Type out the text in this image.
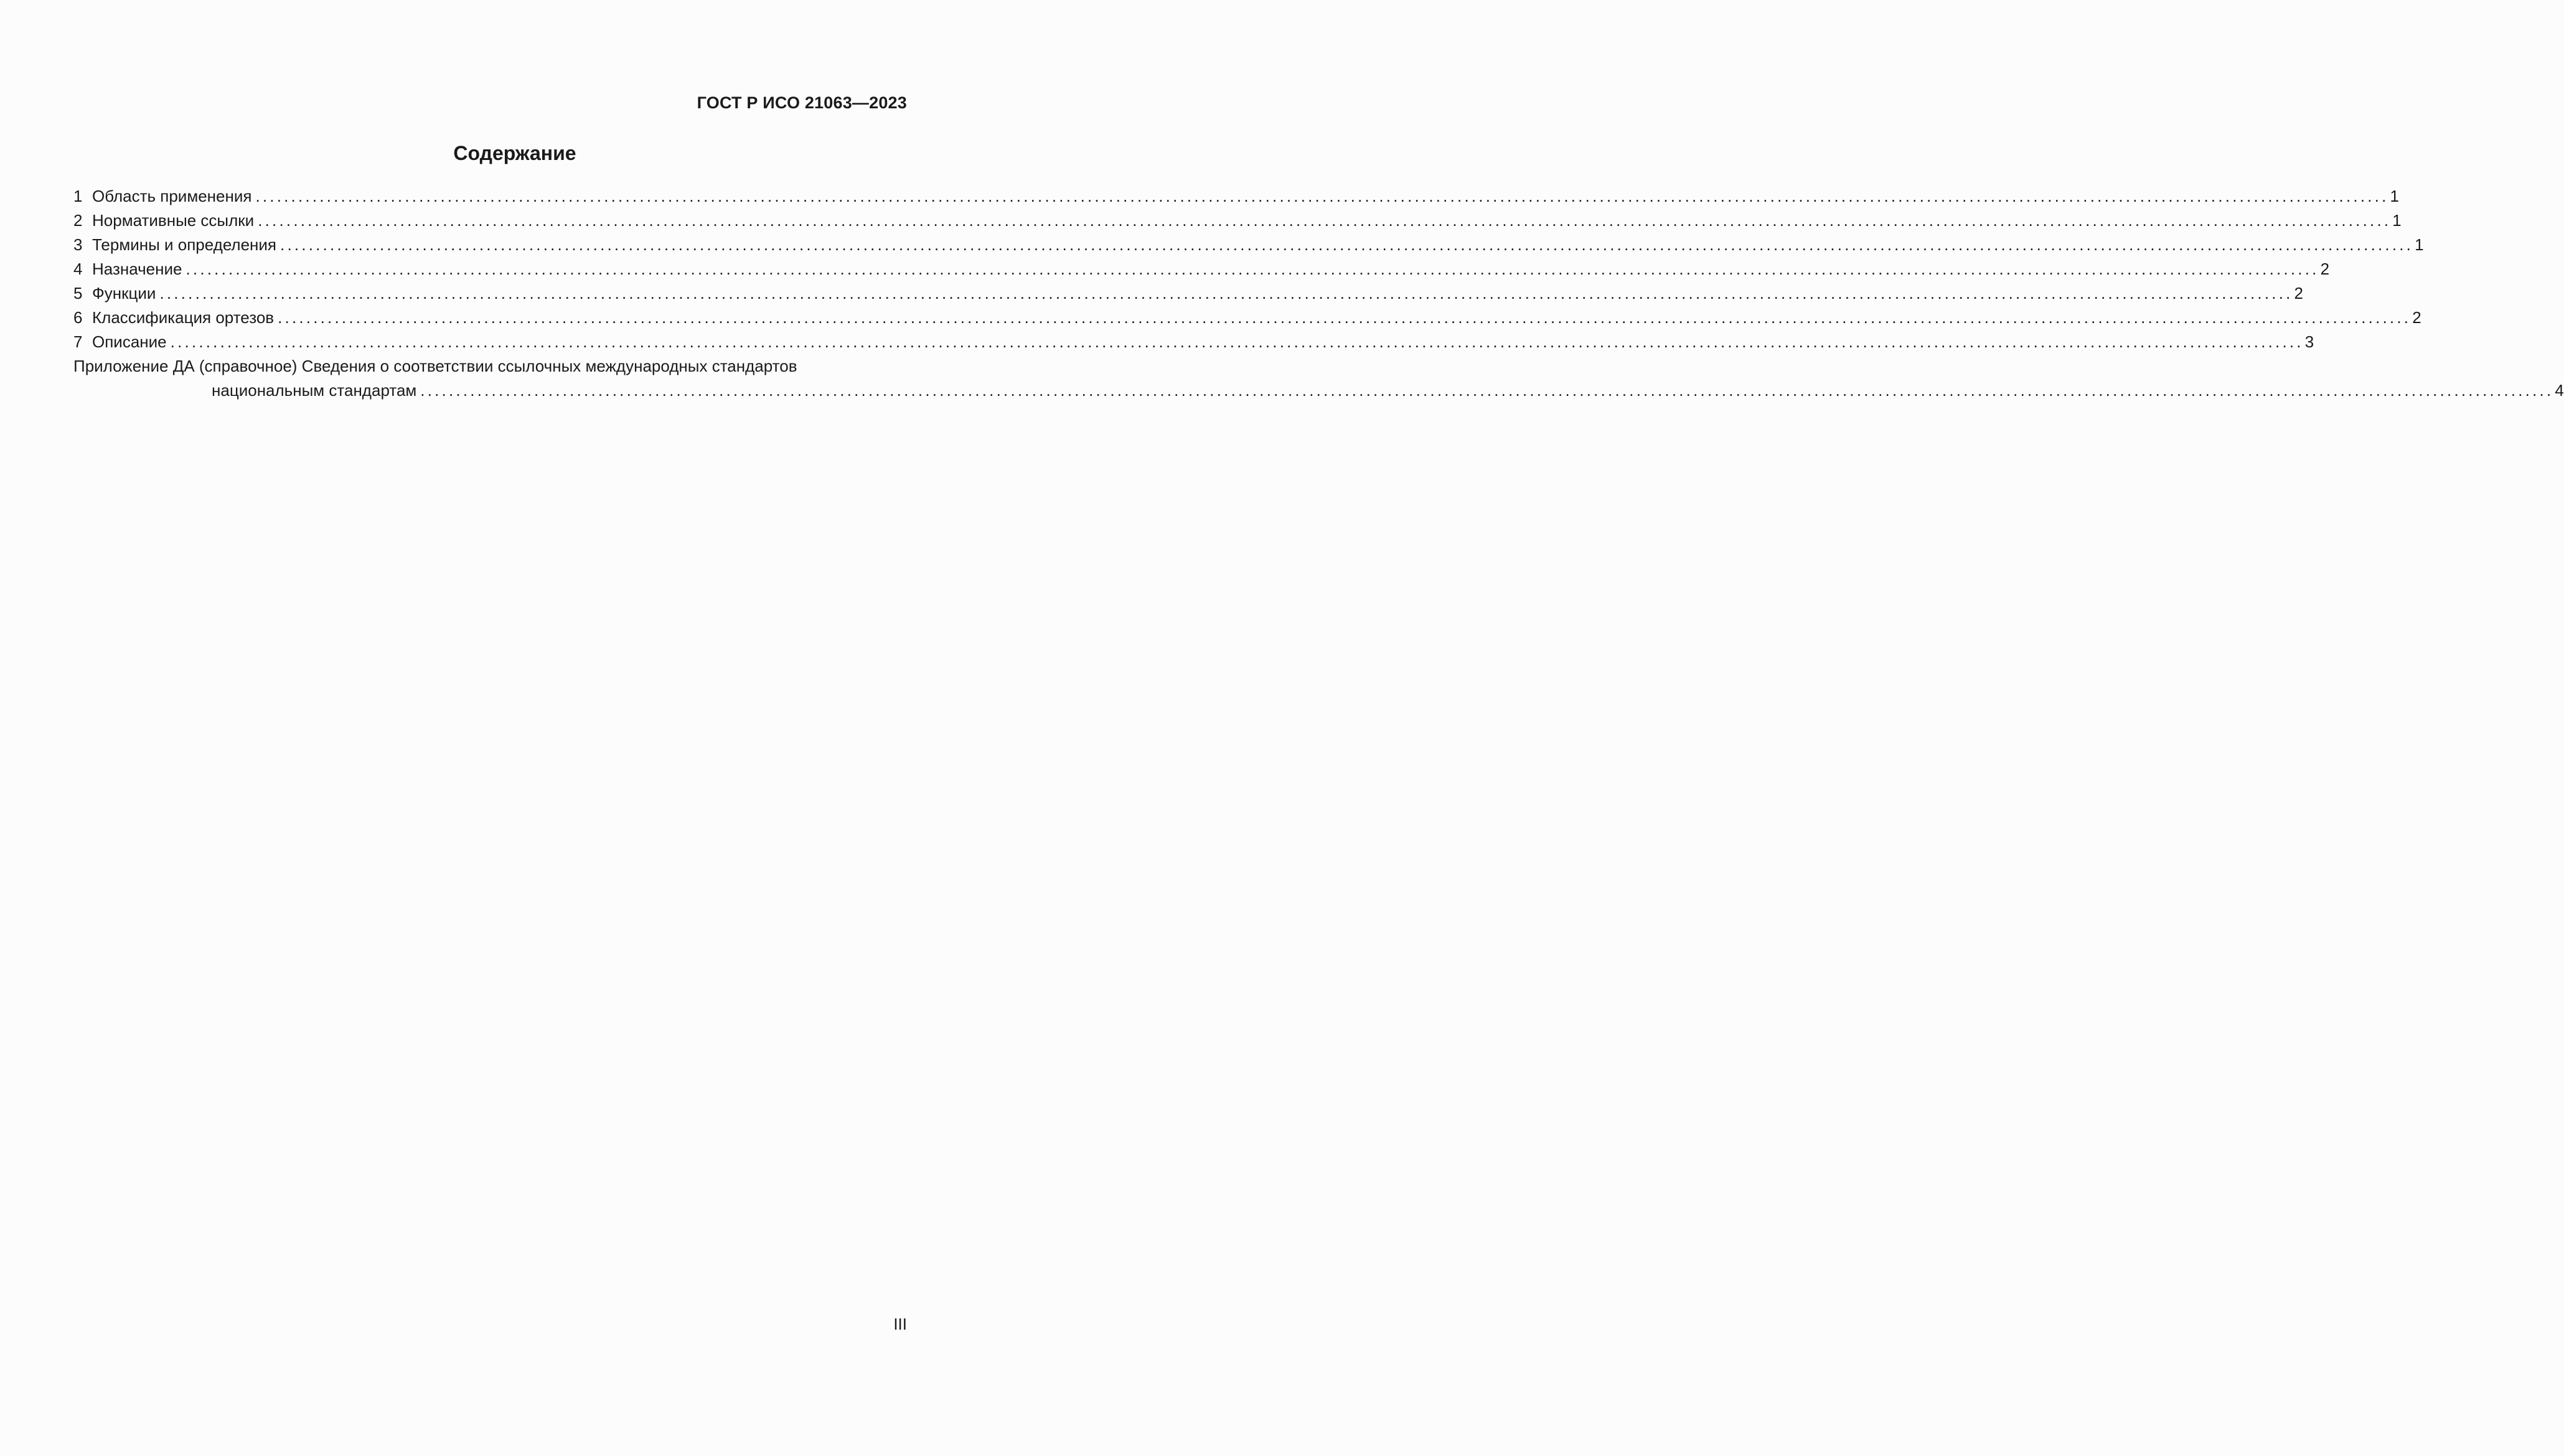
ГОСТ Р ИСО 21063—2023
Содержание
1 Область применения ............................................................................................................................................................................................................................................................................................................ 1
2 Нормативные ссылки ............................................................................................................................................................................................................................................................................................................ 1
3 Термины и определения ............................................................................................................................................................................................................................................................................................................ 1
4 Назначение ............................................................................................................................................................................................................................................................................................................ 2
5 Функции ............................................................................................................................................................................................................................................................................................................ 2
6 Классификация ортезов ............................................................................................................................................................................................................................................................................................................ 2
7 Описание ............................................................................................................................................................................................................................................................................................................ 3
Приложение ДА (справочное) Сведения о соответствии ссылочных международных стандартов
национальным стандартам ............................................................................................................................................................................................................................................................................................................ 4
III
